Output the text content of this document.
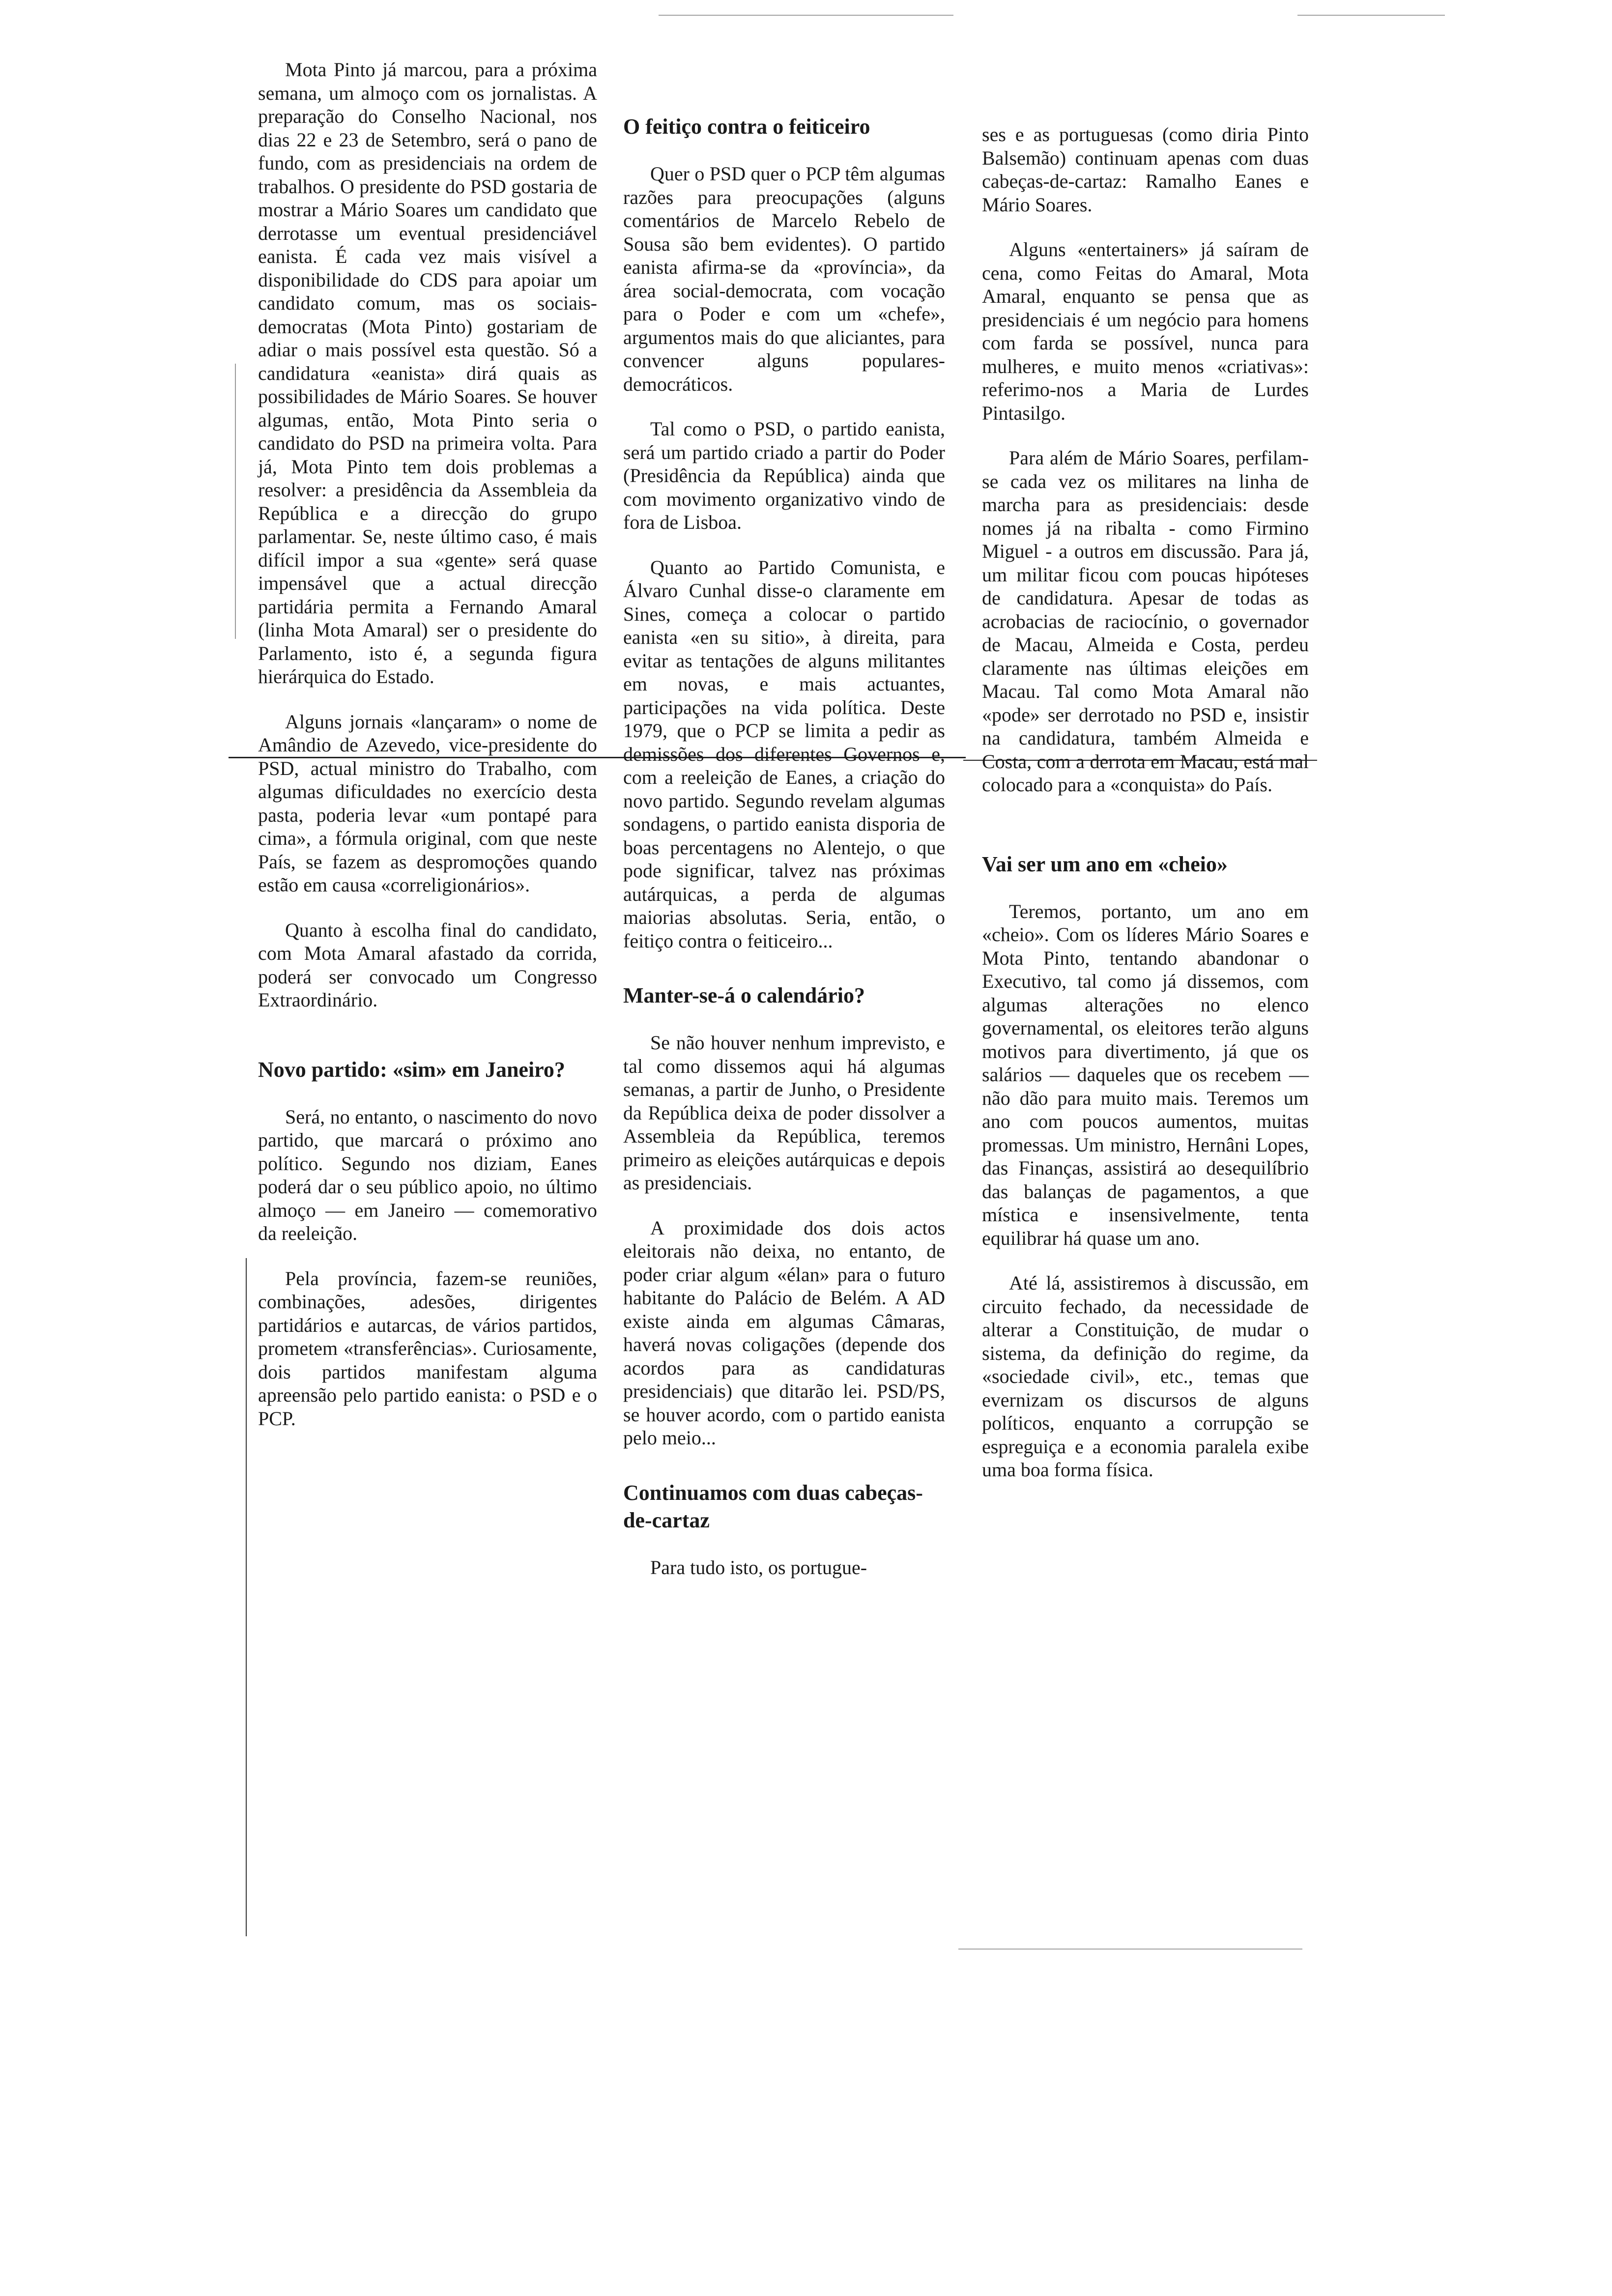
Mota Pinto já marcou, para a próxima semana, um almoço com os jornalistas. A preparação do Conselho Nacional, nos dias 22 e 23 de Setembro, será o pano de fundo, com as presidenciais na ordem de trabalhos. O presidente do PSD gostaria de mostrar a Mário Soares um candidato que derrotasse um eventual presidenciável eanista. É cada vez mais visível a disponibilidade do CDS para apoiar um candidato comum, mas os sociais-democratas (Mota Pinto) gostariam de adiar o mais possível esta questão. Só a candidatura «eanista» dirá quais as possibilidades de Mário Soares. Se houver algumas, então, Mota Pinto seria o candidato do PSD na primeira volta. Para já, Mota Pinto tem dois problemas a resolver: a presidência da Assembleia da República e a direcção do grupo parlamentar. Se, neste último caso, é mais difícil impor a sua «gente» será quase impensável que a actual direcção partidária permita a Fernando Amaral (linha Mota Amaral) ser o presidente do Parlamento, isto é, a segunda figura hierárquica do Estado.

Alguns jornais «lançaram» o nome de Amândio de Azevedo, vice-presidente do PSD, actual ministro do Trabalho, com algumas dificuldades no exercício desta pasta, poderia levar «um pontapé para cima», a fórmula original, com que neste País, se fazem as despromoções quando estão em causa «correligionários».

Quanto à escolha final do candidato, com Mota Amaral afastado da corrida, poderá ser convocado um Congresso Extraordinário.

Novo partido: «sim» em Janeiro?

Será, no entanto, o nascimento do novo partido, que marcará o próximo ano político. Segundo nos diziam, Eanes poderá dar o seu público apoio, no último almoço — em Janeiro — comemorativo da reeleição.

Pela província, fazem-se reuniões, combinações, adesões, dirigentes partidários e autarcas, de vários partidos, prometem «transferências». Curiosamente, dois partidos manifestam alguma apreensão pelo partido eanista: o PSD e o PCP.

O feitiço contra o feiticeiro

Quer o PSD quer o PCP têm algumas razões para preocupações (alguns comentários de Marcelo Rebelo de Sousa são bem evidentes). O partido eanista afirma-se da «província», da área social-democrata, com vocação para o Poder e com um «chefe», argumentos mais do que aliciantes, para convencer alguns populares-democráticos.

Tal como o PSD, o partido eanista, será um partido criado a partir do Poder (Presidência da República) ainda que com movimento organizativo vindo de fora de Lisboa.

Quanto ao Partido Comunista, e Álvaro Cunhal disse-o claramente em Sines, começa a colocar o partido eanista «en su sitio», à direita, para evitar as tentações de alguns militantes em novas, e mais actuantes, participações na vida política. Deste 1979, que o PCP se limita a pedir as demissões dos diferentes Governos e, com a reeleição de Eanes, a criação do novo partido. Segundo revelam algumas sondagens, o partido eanista disporia de boas percentagens no Alentejo, o que pode significar, talvez nas próximas autárquicas, a perda de algumas maiorias absolutas. Seria, então, o feitiço contra o feiticeiro...

Manter-se-á o calendário?

Se não houver nenhum imprevisto, e tal como dissemos aqui há algumas semanas, a partir de Junho, o Presidente da República deixa de poder dissolver a Assembleia da República, teremos primeiro as eleições autárquicas e depois as presidenciais.

A proximidade dos dois actos eleitorais não deixa, no entanto, de poder criar algum «élan» para o futuro habitante do Palácio de Belém. A AD existe ainda em algumas Câmaras, haverá novas coligações (depende dos acordos para as candidaturas presidenciais) que ditarão lei. PSD/PS, se houver acordo, com o partido eanista pelo meio...

Continuamos com duas cabeças-de-cartaz

Para tudo isto, os portugue-

ses e as portuguesas (como diria Pinto Balsemão) continuam apenas com duas cabeças-de-cartaz: Ramalho Eanes e Mário Soares.

Alguns «entertainers» já saíram de cena, como Feitas do Amaral, Mota Amaral, enquanto se pensa que as presidenciais é um negócio para homens com farda se possível, nunca para mulheres, e muito menos «criativas»: referimo-nos a Maria de Lurdes Pintasilgo.

Para além de Mário Soares, perfilam-se cada vez os militares na linha de marcha para as presidenciais: desde nomes já na ribalta - como Firmino Miguel - a outros em discussão. Para já, um militar ficou com poucas hipóteses de candidatura. Apesar de todas as acrobacias de raciocínio, o governador de Macau, Almeida e Costa, perdeu claramente nas últimas eleições em Macau. Tal como Mota Amaral não «pode» ser derrotado no PSD e, insistir na candidatura, também Almeida e Costa, com a derrota em Macau, está mal colocado para a «conquista» do País.

Vai ser um ano em «cheio»

Teremos, portanto, um ano em «cheio». Com os líderes Mário Soares e Mota Pinto, tentando abandonar o Executivo, tal como já dissemos, com algumas alterações no elenco governamental, os eleitores terão alguns motivos para divertimento, já que os salários — daqueles que os recebem — não dão para muito mais. Teremos um ano com poucos aumentos, muitas promessas. Um ministro, Hernâni Lopes, das Finanças, assistirá ao desequilíbrio das balanças de pagamentos, a que mística e insensivelmente, tenta equilibrar há quase um ano.

Até lá, assistiremos à discussão, em circuito fechado, da necessidade de alterar a Constituição, de mudar o sistema, da definição do regime, da «sociedade civil», etc., temas que evernizam os discursos de alguns políticos, enquanto a corrupção se espreguiça e a economia paralela exibe uma boa forma física.
